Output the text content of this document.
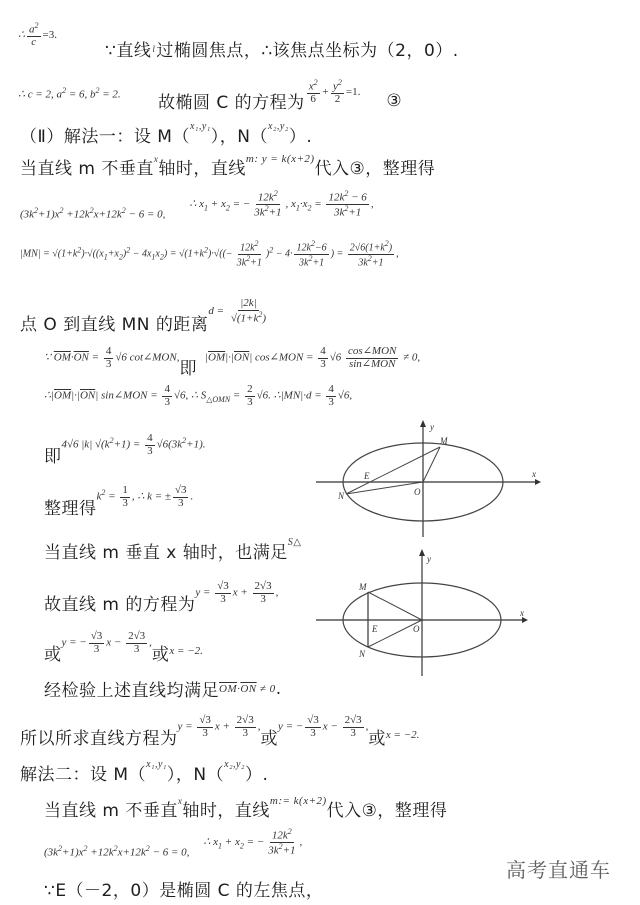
∴ $\frac{a^2}{c} =3$.
∵直线 l 过椭圆焦点，∴该焦点坐标为（2，0）.
∴ c = 2, $a^2 = 6$, $b^2 = 2$. 故椭圆 C 的方程为 $\frac{x^2}{6} + \frac{y^2}{2} =1$. ③
（Ⅱ）解法一：设 M（
x₁,y₁
），N（
x₂,y₂
）.
当直线 m 不垂直
x
轴时，直线
m: y = k(x+2)
代入③，整理得
$(3k^2+1)x^2 +12k^2x+12k^2 - 6 = 0$,
∴ $x_1 + x_2$ = − $\frac{12k^2}{3k^2+1}$ , $x_1\cdot x_2 = \frac{12k^2 - 6}{3k^2+1}$ ,
$|MN| = √(1+k^2)\cdot√((x_1+x_2)^2 - 4x_1x_2) = √(1+k^2)\cdot√((- \frac{12k^2}{3k^2+1} )^2 - 4\cdot \frac{12k^2-6}{3k^2+1}$ ) = $\frac{2√6(1+k^2)}{3k^2+1}$ ,
点 O 到直线 MN 的距离
$d = \frac{|2k|}{√(1+k^2)}$
∵ $\overline{OM}\cdot\overline{ON} = \frac{4}{3} √6$ cot∠MON,
即
$|\overline{OM}|\cdot|\overline{ON}|$ cos∠MON = $\frac{4}{3} √6 \frac{\text{cos∠MON}}{\text{sin∠MON}} \ne 0$,
$\therefore|\overline{OM}|\cdot|\overline{ON}|$ sin∠MON = $\frac{4}{3} √6$, ∴ $S_{\triangle OMN} = \frac{2}{3} √6$. ∴|MN|·d = $\frac{4}{3} √6$,
即
4√6 |k| $√(k^2+1) = \frac{4}{3} √6(3k^2+1)$.
整理得
$k^2 = \frac{1}{3}$ , ∴ k = ± $\frac{√3}{3}$ .
当直线 m 垂直 x 轴时，也满足
S△
故直线 m 的方程为
$y = \frac{√3}{3}$ $x + \frac{2√3}{3}$ ,
或
y = − $\frac{√3}{3}$ $x - \frac{2√3}{3}$ ,
或 x = −2.
经检验上述直线均满足 $\overline{OM}\cdot\overline{ON} \ne 0$ .
所以所求直线方程为
$y = \frac{√3}{3}$ $x + \frac{2√3}{3}$ ,
或
y = − $\frac{√3}{3}$ $x - \frac{2√3}{3}$ ,
或 x = −2.
解法二：设 M（
x₁,y₁
），N（
x₂,y₂
）.
当直线 m 不垂直
x
轴时，直线
m:= k(x+2)
代入③，整理得
$(3k^2+1)x^2 +12k^2x+12k^2 - 6 = 0$,
∴ $x_1 + x_2$ = − $\frac{12k^2}{3k^2+1}$ ,
∵E（－2，0）是椭圆 C 的左焦点，
y
x
M
E
N	O
y
x
M
E
N
O
高考直通车
